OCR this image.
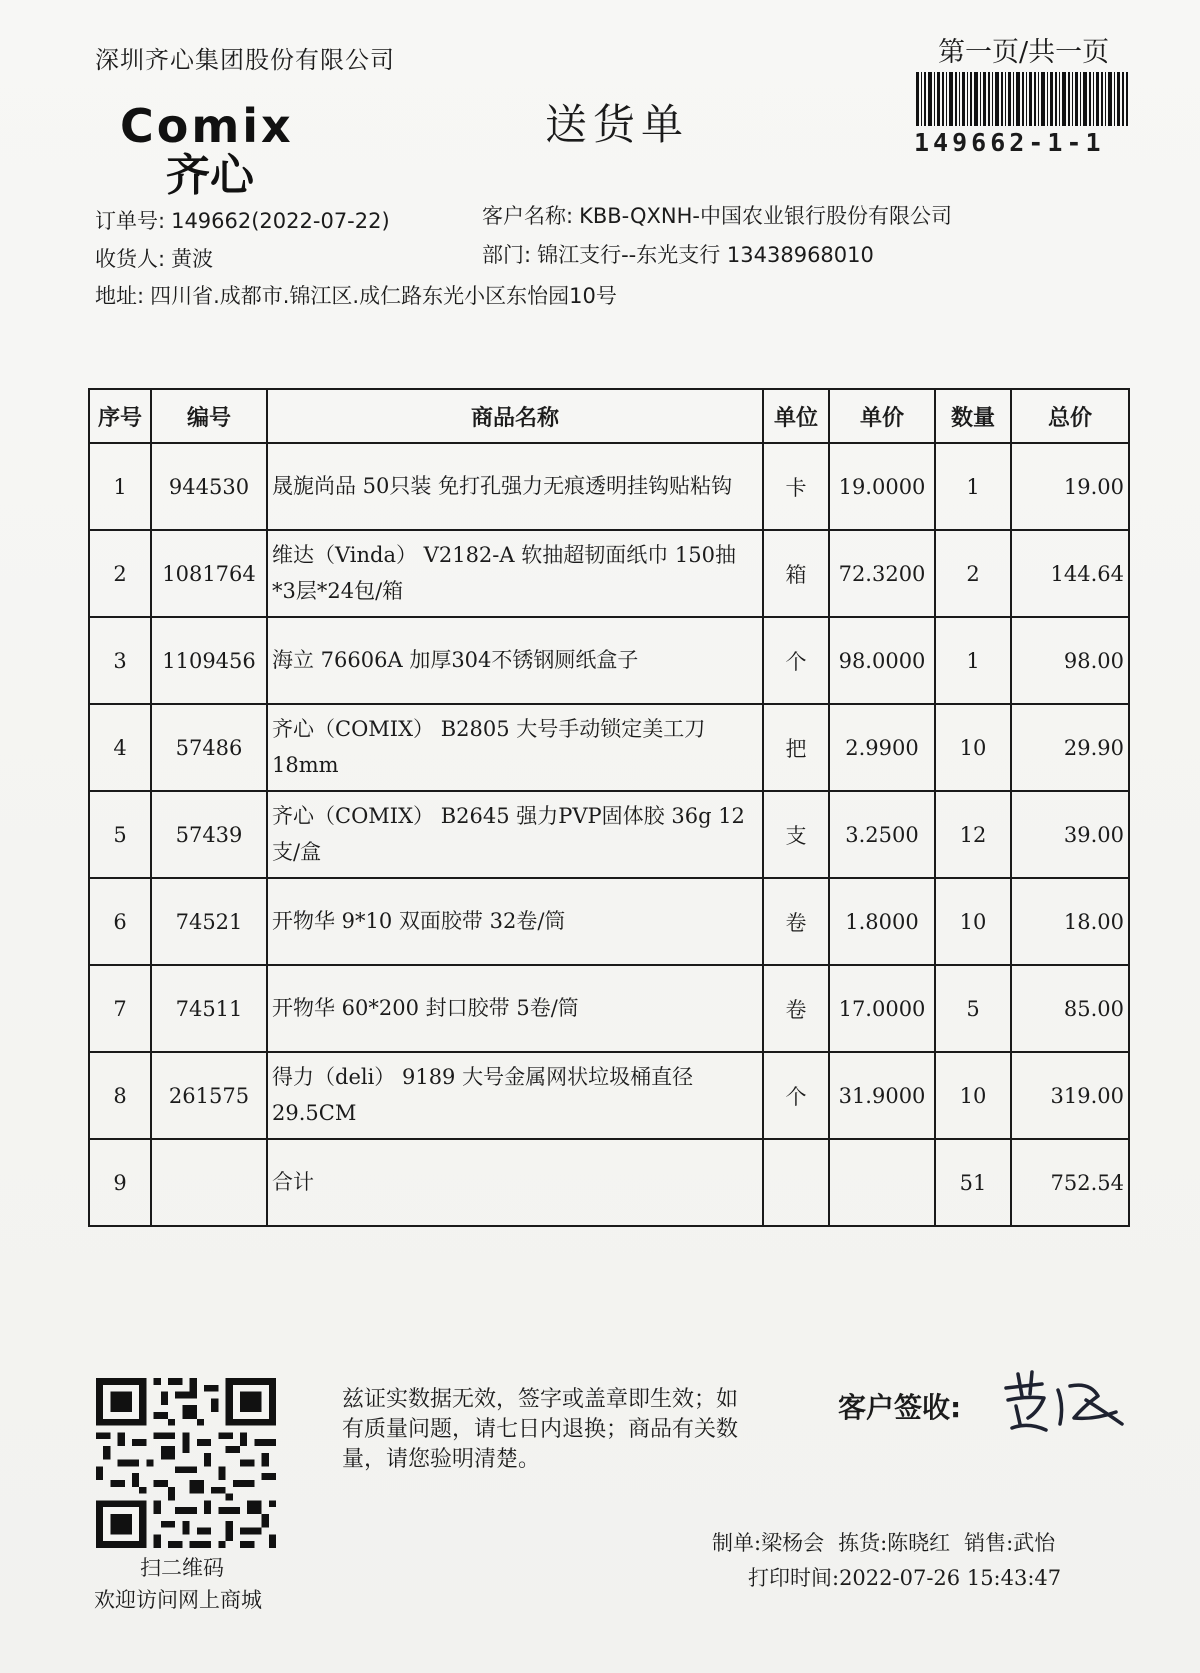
深圳齐心集团股份有限公司	第一页/共一页
149662-1-1
Comix
齐心
送货单
订单号: 149662(2022-07-22)	客户名称: KBB-QXNH-中国农业银行股份有限公司
收货人: 黄波	部门: 锦江支行--东光支行 13438968010
地址: 四川省.成都市.锦江区.成仁路东光小区东怡园10号
序号	编号	商品名称	单位	单价	数量	总价
1	944530	晟旎尚品 50只装 免打孔强力无痕透明挂钩贴粘钩	卡	19.0000	1	19.00
2	1081764	维达（Vinda） V2182-A 软抽超韧面纸巾 150抽*3层*24包/箱	箱	72.3200	2	144.64
3	1109456	海立 76606A 加厚304不锈钢厕纸盒子	个	98.0000	1	98.00
4	57486	齐心（COMIX） B2805 大号手动锁定美工刀 18mm	把	2.9900	10	29.90
5	57439	齐心（COMIX） B2645 强力PVP固体胶 36g 12支/盒	支	3.2500	12	39.00
6	74521	开物华 9*10 双面胶带 32卷/筒	卷	1.8000	10	18.00
7	74511	开物华 60*200 封口胶带 5卷/筒	卷	17.0000	5	85.00
8	261575	得力（deli） 9189 大号金属网状垃圾桶直径29.5CM	个	31.9000	10	319.00
9		合计			51	752.54
扫二维码
欢迎访问网上商城
兹证实数据无效，签字或盖章即生效；如有质量问题，请七日内退换；商品有关数量，请您验明清楚。
客户签收:
制单:梁杨会 拣货:陈晓红 销售:武怡
打印时间:2022-07-26 15:43:47
